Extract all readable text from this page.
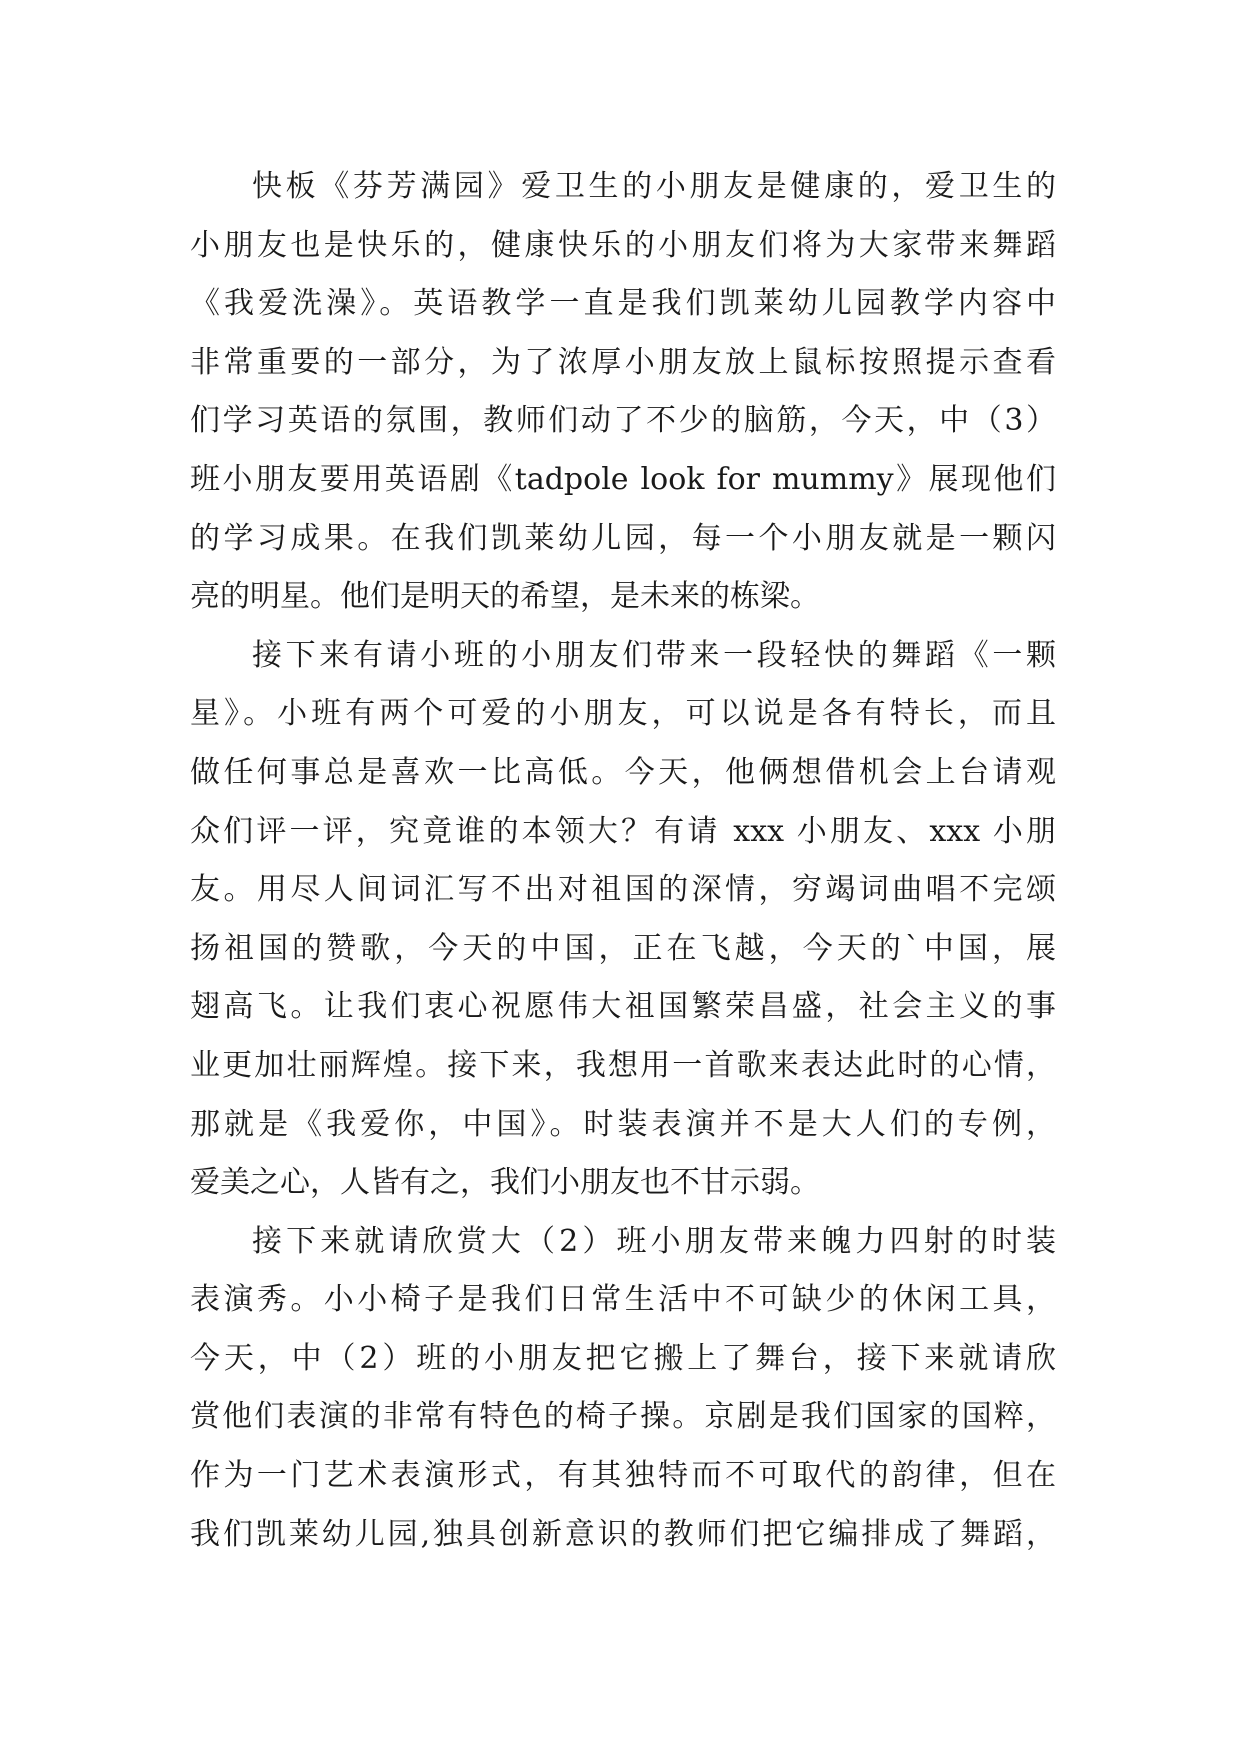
快板《芬芳满园》爱卫生的小朋友是健康的，爱卫生的
小朋友也是快乐的，健康快乐的小朋友们将为大家带来舞蹈
《我爱洗澡》。英语教学一直是我们凯莱幼儿园教学内容中
非常重要的一部分，为了浓厚小朋友放上鼠标按照提示查看
们学习英语的氛围，教师们动了不少的脑筋，今天，中（3）
班小朋友要用英语剧《tadpole look for mummy》展现他们
的学习成果。在我们凯莱幼儿园，每一个小朋友就是一颗闪
亮的明星。他们是明天的希望，是未来的栋梁。
接下来有请小班的小朋友们带来一段轻快的舞蹈《一颗
星》。小班有两个可爱的小朋友，可以说是各有特长，而且
做任何事总是喜欢一比高低。今天，他俩想借机会上台请观
众们评一评，究竟谁的本领大？有请 xxx 小朋友、xxx 小朋
友。用尽人间词汇写不出对祖国的深情，穷竭词曲唱不完颂
扬祖国的赞歌，今天的中国，正在飞越，今天的`中国，展
翅高飞。让我们衷心祝愿伟大祖国繁荣昌盛，社会主义的事
业更加壮丽辉煌。接下来，我想用一首歌来表达此时的心情，
那就是《我爱你，中国》。时装表演并不是大人们的专例，
爱美之心，人皆有之，我们小朋友也不甘示弱。
接下来就请欣赏大（2）班小朋友带来魄力四射的时装
表演秀。小小椅子是我们日常生活中不可缺少的休闲工具，
今天，中（2）班的小朋友把它搬上了舞台，接下来就请欣
赏他们表演的非常有特色的椅子操。京剧是我们国家的国粹，
作为一门艺术表演形式，有其独特而不可取代的韵律，但在
我们凯莱幼儿园,独具创新意识的教师们把它编排成了舞蹈，
